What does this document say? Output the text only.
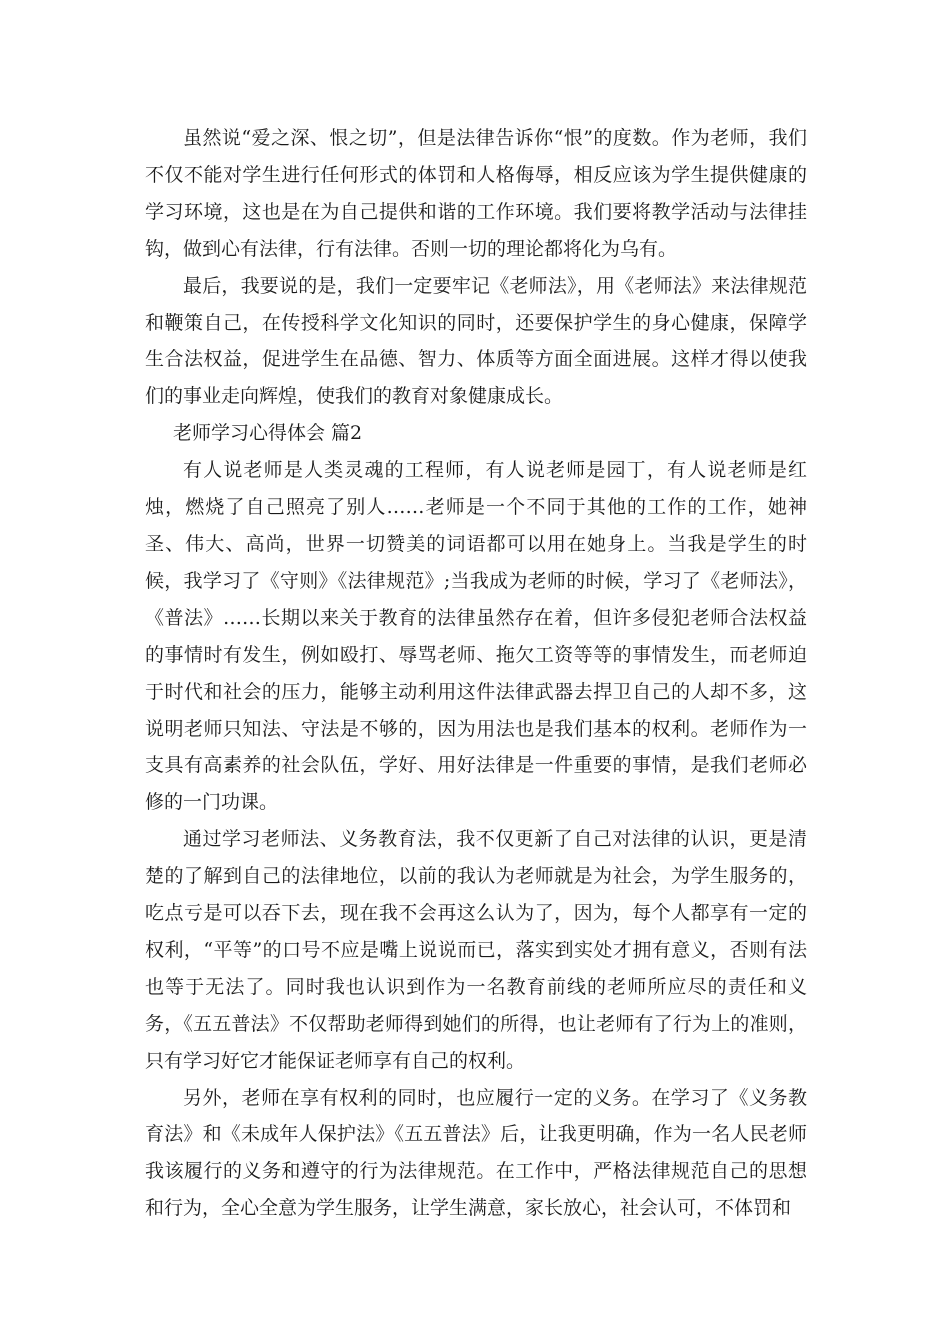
虽然说“爱之深、恨之切”，但是法律告诉你“恨”的度数。作为老师，我们不仅不能对学生进行任何形式的体罚和人格侮辱，相反应该为学生提供健康的学习环境，这也是在为自己提供和谐的工作环境。我们要将教学活动与法律挂钩，做到心有法律，行有法律。否则一切的理论都将化为乌有。

最后，我要说的是，我们一定要牢记《老师法》，用《老师法》来法律规范和鞭策自己，在传授科学文化知识的同时，还要保护学生的身心健康，保障学生合法权益，促进学生在品德、智力、体质等方面全面进展。这样才得以使我们的事业走向辉煌，使我们的教育对象健康成长。

老师学习心得体会 篇2

有人说老师是人类灵魂的工程师，有人说老师是园丁，有人说老师是红烛，燃烧了自己照亮了别人……老师是一个不同于其他的工作的工作，她神圣、伟大、高尚，世界一切赞美的词语都可以用在她身上。当我是学生的时候，我学习了《守则》《法律规范》;当我成为老师的时候，学习了《老师法》，《普法》……长期以来关于教育的法律虽然存在着，但许多侵犯老师合法权益的事情时有发生，例如殴打、辱骂老师、拖欠工资等等的事情发生，而老师迫于时代和社会的压力，能够主动利用这件法律武器去捍卫自己的人却不多，这说明老师只知法、守法是不够的，因为用法也是我们基本的权利。老师作为一支具有高素养的社会队伍，学好、用好法律是一件重要的事情，是我们老师必修的一门功课。

通过学习老师法、义务教育法，我不仅更新了自己对法律的认识，更是清楚的了解到自己的法律地位，以前的我认为老师就是为社会，为学生服务的，吃点亏是可以吞下去，现在我不会再这么认为了，因为，每个人都享有一定的权利，“平等”的口号不应是嘴上说说而已，落实到实处才拥有意义，否则有法也等于无法了。同时我也认识到作为一名教育前线的老师所应尽的责任和义务，《五五普法》不仅帮助老师得到她们的所得，也让老师有了行为上的准则，只有学习好它才能保证老师享有自己的权利。

另外，老师在享有权利的同时，也应履行一定的义务。在学习了《义务教育法》和《未成年人保护法》《五五普法》后，让我更明确，作为一名人民老师我该履行的义务和遵守的行为法律规范。在工作中，严格法律规范自己的思想和行为，全心全意为学生服务，让学生满意，家长放心，社会认可，不体罚和
